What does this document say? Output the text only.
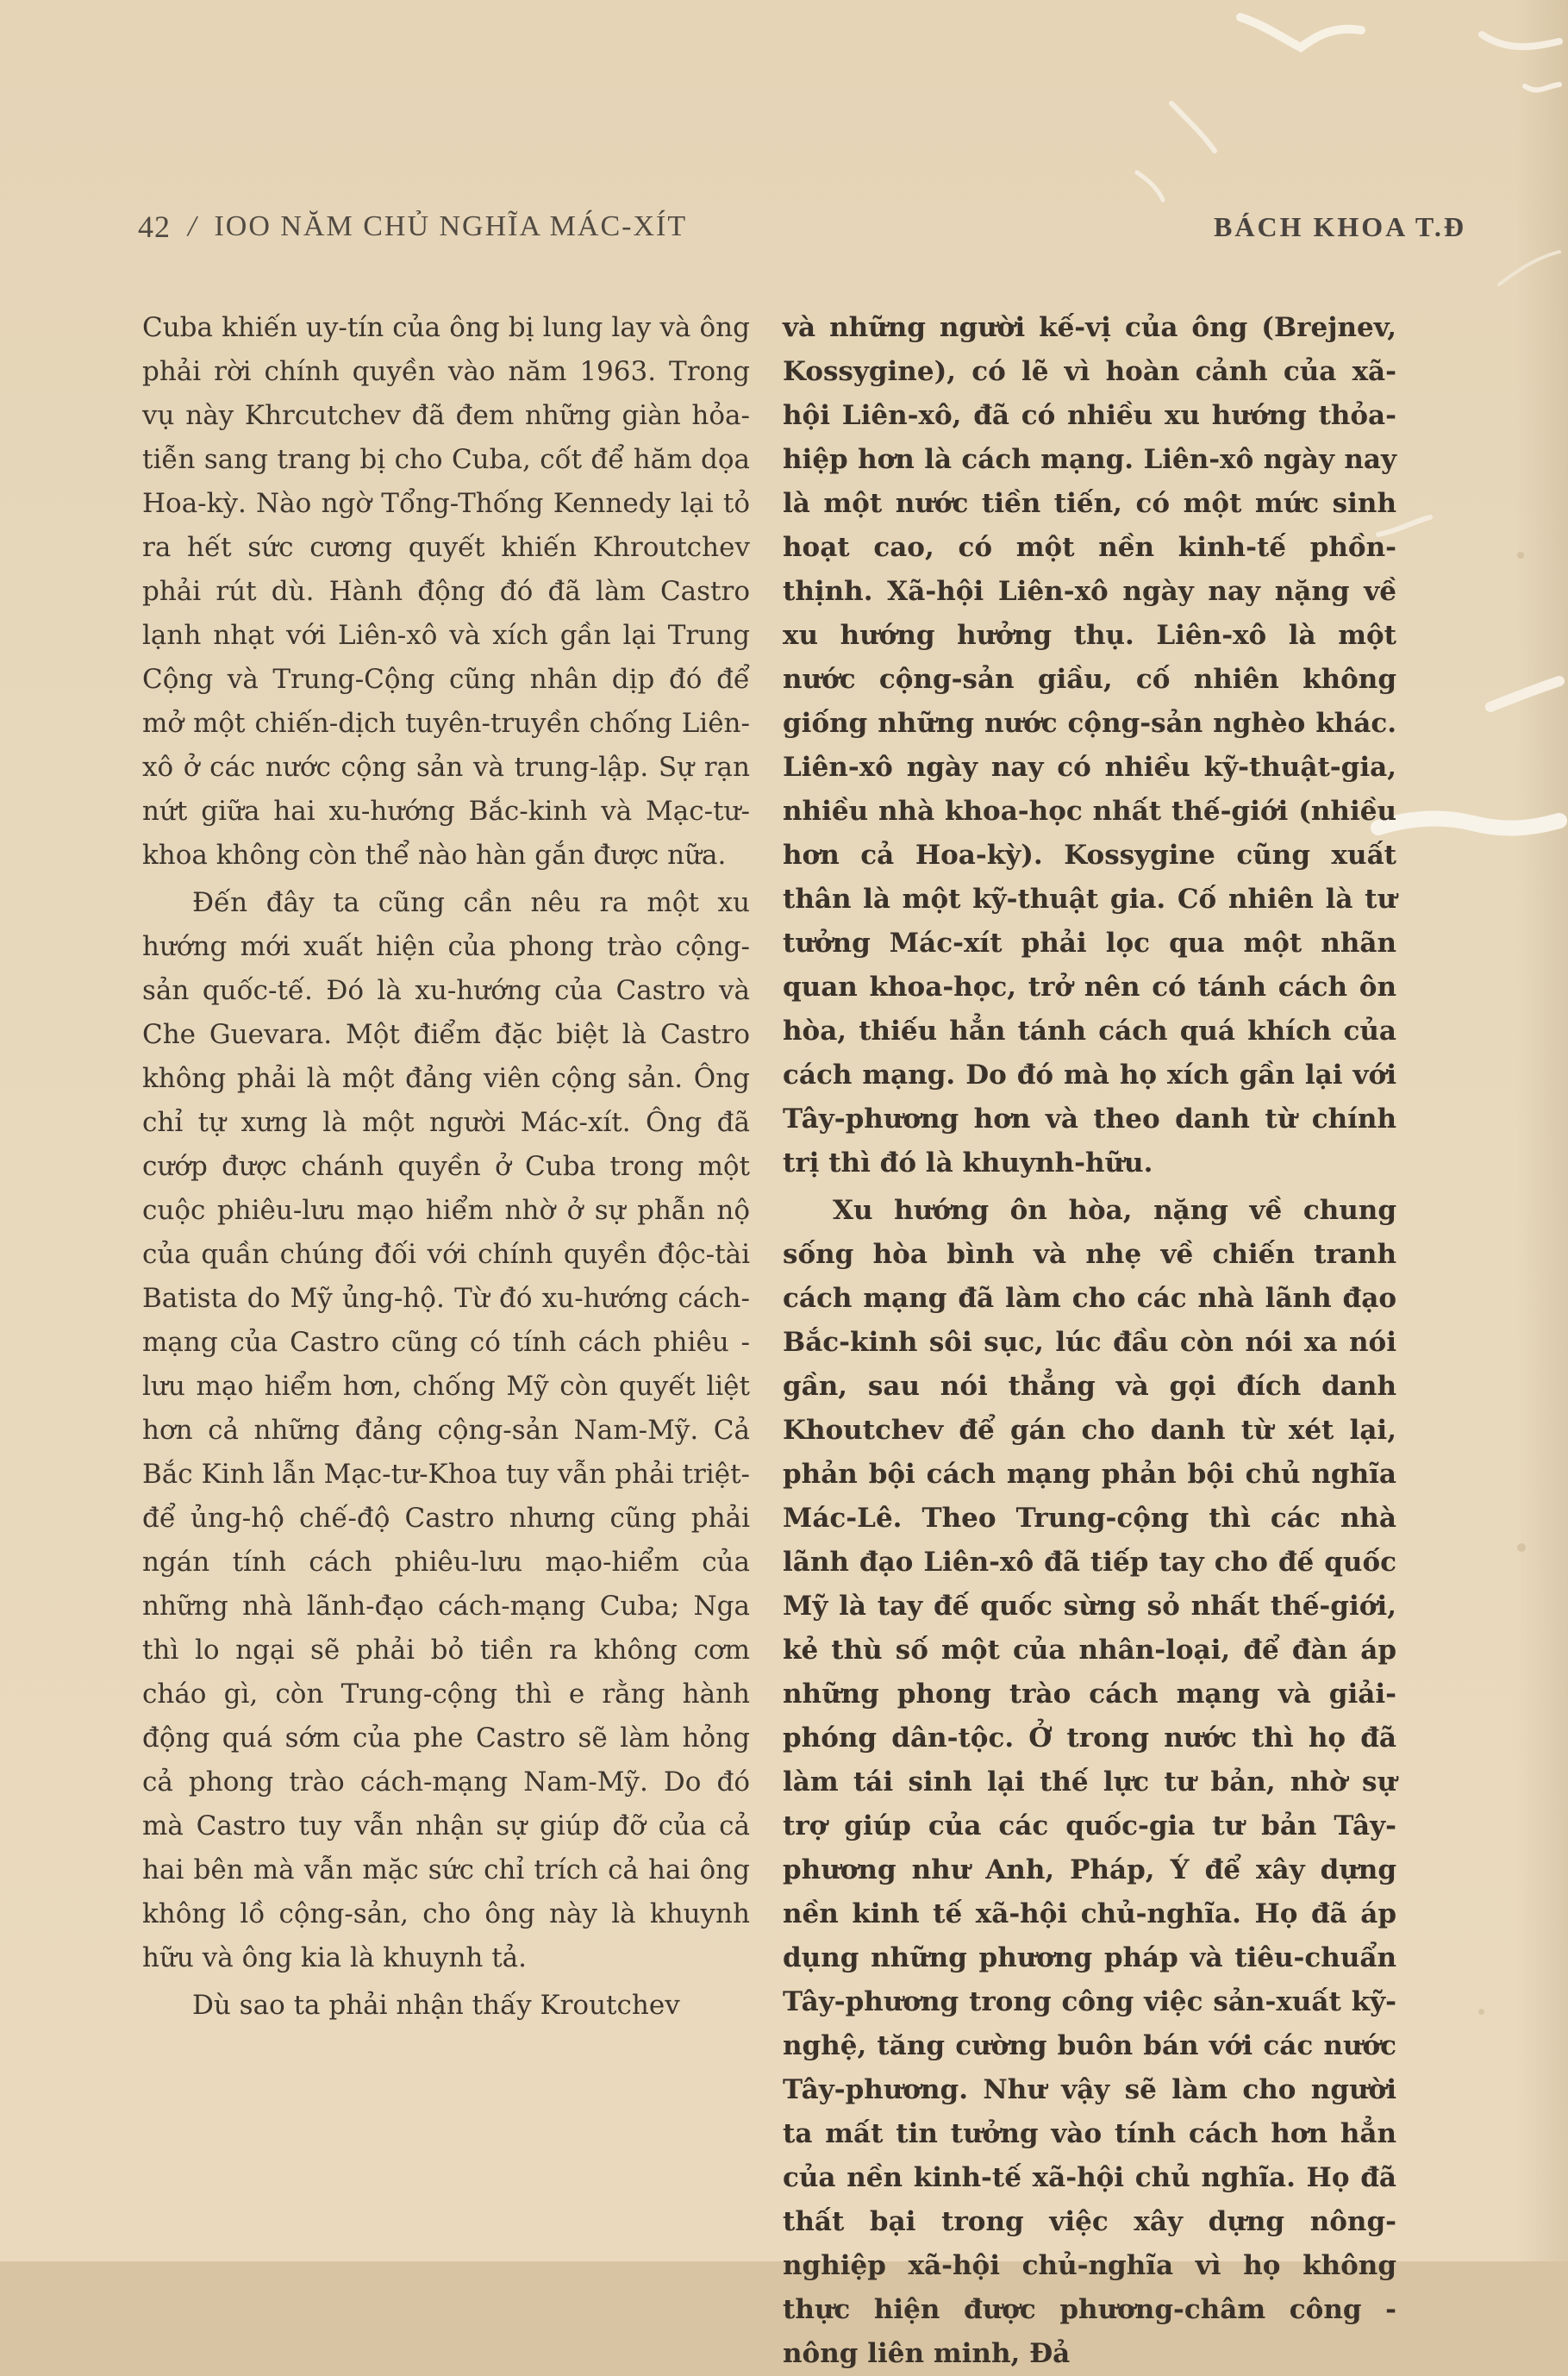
42 / IOO NĂM CHỦ NGHĨA MÁC-XÍT	BÁCH KHOA T.Đ

Cuba khiến uy-tín của ông bị lung lay và ông phải rời chính quyền vào năm 1963. Trong vụ này Khrcutchev đã đem những giàn hỏa-tiễn sang trang bị cho Cuba, cốt để hăm dọa Hoa-kỳ. Nào ngờ Tổng-Thống Kennedy lại tỏ ra hết sức cương quyết khiến Khroutchev phải rút dù. Hành động đó đã làm Castro lạnh nhạt với Liên-xô và xích gần lại Trung Cộng và Trung-Cộng cũng nhân dịp đó để mở một chiến-dịch tuyên-truyền chống Liên-xô ở các nước cộng sản và trung-lập. Sự rạn nứt giữa hai xu-hướng Bắc-kinh và Mạc-tư-khoa không còn thể nào hàn gắn được nữa.

Đến đây ta cũng cần nêu ra một xu hướng mới xuất hiện của phong trào cộng-sản quốc-tế. Đó là xu-hướng của Castro và Che Guevara. Một điểm đặc biệt là Castro không phải là một đảng viên cộng sản. Ông chỉ tự xưng là một người Mác-xít. Ông đã cướp được chánh quyền ở Cuba trong một cuộc phiêu-lưu mạo hiểm nhờ ở sự phẫn nộ của quần chúng đối với chính quyền độc-tài Batista do Mỹ ủng-hộ. Từ đó xu-hướng cách-mạng của Castro cũng có tính cách phiêu - lưu mạo hiểm hơn, chống Mỹ còn quyết liệt hơn cả những đảng cộng-sản Nam-Mỹ. Cả Bắc Kinh lẫn Mạc-tư-Khoa tuy vẫn phải triệt-để ủng-hộ chế-độ Castro nhưng cũng phải ngán tính cách phiêu-lưu mạo-hiểm của những nhà lãnh-đạo cách-mạng Cuba; Nga thì lo ngại sẽ phải bỏ tiền ra không cơm cháo gì, còn Trung-cộng thì e rằng hành động quá sớm của phe Castro sẽ làm hỏng cả phong trào cách-mạng Nam-Mỹ. Do đó mà Castro tuy vẫn nhận sự giúp đỡ của cả hai bên mà vẫn mặc sức chỉ trích cả hai ông không lồ cộng-sản, cho ông này là khuynh hữu và ông kia là khuynh tả.

Dù sao ta phải nhận thấy Kroutchev

và những người kế-vị của ông (Brejnev, Kossygine), có lẽ vì hoàn cảnh của xã-hội Liên-xô, đã có nhiều xu hướng thỏa-hiệp hơn là cách mạng. Liên-xô ngày nay là một nước tiền tiến, có một mức sinh hoạt cao, có một nền kinh-tế phồn-thịnh. Xã-hội Liên-xô ngày nay nặng về xu hướng hưởng thụ. Liên-xô là một nước cộng-sản giầu, cố nhiên không giống những nước cộng-sản nghèo khác. Liên-xô ngày nay có nhiều kỹ-thuật-gia, nhiều nhà khoa-học nhất thế-giới (nhiều hơn cả Hoa-kỳ). Kossygine cũng xuất thân là một kỹ-thuật gia. Cố nhiên là tư tưởng Mác-xít phải lọc qua một nhãn quan khoa-học, trở nên có tánh cách ôn hòa, thiếu hẳn tánh cách quá khích của cách mạng. Do đó mà họ xích gần lại với Tây-phương hơn và theo danh từ chính trị thì đó là khuynh-hữu.

Xu hướng ôn hòa, nặng về chung sống hòa bình và nhẹ về chiến tranh cách mạng đã làm cho các nhà lãnh đạo Bắc-kinh sôi sục, lúc đầu còn nói xa nói gần, sau nói thẳng và gọi đích danh Khoutchev để gán cho danh từ xét lại, phản bội cách mạng phản bội chủ nghĩa Mác-Lê. Theo Trung-cộng thì các nhà lãnh đạo Liên-xô đã tiếp tay cho đế quốc Mỹ là tay đế quốc sừng sỏ nhất thế-giới, kẻ thù số một của nhân-loại, để đàn áp những phong trào cách mạng và giải-phóng dân-tộc. Ở trong nước thì họ đã làm tái sinh lại thế lực tư bản, nhờ sự trợ giúp của các quốc-gia tư bản Tây-phương như Anh, Pháp, Ý để xây dựng nền kinh tế xã-hội chủ-nghĩa. Họ đã áp dụng những phương pháp và tiêu-chuẩn Tây-phương trong công việc sản-xuất kỹ-nghệ, tăng cường buôn bán với các nước Tây-phương. Như vậy sẽ làm cho người ta mất tin tưởng vào tính cách hơn hẳn của nền kinh-tế xã-hội chủ nghĩa. Họ đã thất bại trong việc xây dựng nông-nghiệp xã-hội chủ-nghĩa vì họ không thực hiện được phương-châm công - nông liên minh, Đả
